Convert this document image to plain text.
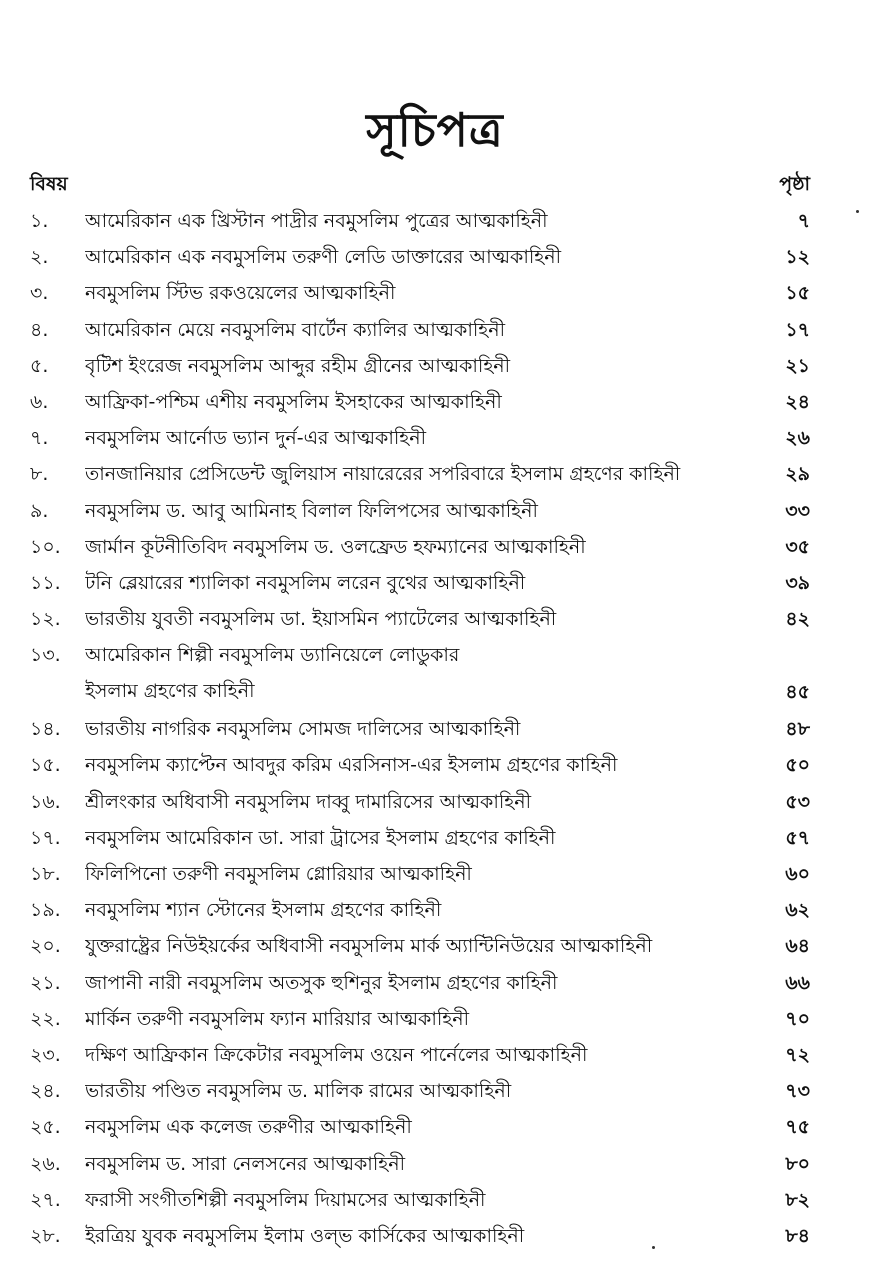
সূচিপত্র
বিষয়	পৃষ্ঠা
১.	আমেরিকান এক খ্রিস্টান পাদ্রীর নবমুসলিম পুত্রের আত্মকাহিনী	৭
২.	আমেরিকান এক নবমুসলিম তরুণী লেডি ডাক্তারের আত্মকাহিনী	১২
৩.	নবমুসলিম স্টিভ রকওয়েলের আত্মকাহিনী	১৫
৪.	আমেরিকান মেয়ে নবমুসলিম বার্টেন ক্যালির আত্মকাহিনী	১৭
৫.	বৃটিশ ইংরেজ নবমুসলিম আব্দুর রহীম গ্রীনের আত্মকাহিনী	২১
৬.	আফ্রিকা-পশ্চিম এশীয় নবমুসলিম ইসহাকের আত্মকাহিনী	২৪
৭.	নবমুসলিম আর্নোড ভ্যান দুর্ন-এর আত্মকাহিনী	২৬
৮.	তানজানিয়ার প্রেসিডেন্ট জুলিয়াস নায়ারেরের সপরিবারে ইসলাম গ্রহণের কাহিনী	২৯
৯.	নবমুসলিম ড. আবু আমিনাহ বিলাল ফিলিপসের আত্মকাহিনী	৩৩
১০.	জার্মান কূটনীতিবিদ নবমুসলিম ড. ওলফ্রেড হফম্যানের আত্মকাহিনী	৩৫
১১.	টনি ব্লেয়ারের শ্যালিকা নবমুসলিম লরেন বুথের আত্মকাহিনী	৩৯
১২.	ভারতীয় যুবতী নবমুসলিম ডা. ইয়াসমিন প্যাটেলের আত্মকাহিনী	৪২
১৩.	আমেরিকান শিল্পী নবমুসলিম ড্যানিয়েলে লোডুকার
ইসলাম গ্রহণের কাহিনী	৪৫
১৪.	ভারতীয় নাগরিক নবমুসলিম সোমজ দালিসের আত্মকাহিনী	৪৮
১৫.	নবমুসলিম ক্যাপ্টেন আবদুর করিম এরসিনাস-এর ইসলাম গ্রহণের কাহিনী	৫০
১৬.	শ্রীলংকার অধিবাসী নবমুসলিম দাব্বু দামারিসের আত্মকাহিনী	৫৩
১৭.	নবমুসলিম আমেরিকান ডা. সারা ট্রাসের ইসলাম গ্রহণের কাহিনী	৫৭
১৮.	ফিলিপিনো তরুণী নবমুসলিম গ্লোরিয়ার আত্মকাহিনী	৬০
১৯.	নবমুসলিম শ্যান স্টোনের ইসলাম গ্রহণের কাহিনী	৬২
২০.	যুক্তরাষ্ট্রের নিউইয়র্কের অধিবাসী নবমুসলিম মার্ক অ্যান্টিনিউয়ের আত্মকাহিনী	৬৪
২১.	জাপানী নারী নবমুসলিম অতসুক হুশিনুর ইসলাম গ্রহণের কাহিনী	৬৬
২২.	মার্কিন তরুণী নবমুসলিম ফ্যান মারিয়ার আত্মকাহিনী	৭০
২৩.	দক্ষিণ আফ্রিকান ক্রিকেটার নবমুসলিম ওয়েন পার্নেলের আত্মকাহিনী	৭২
২৪.	ভারতীয় পণ্ডিত নবমুসলিম ড. মালিক রামের আত্মকাহিনী	৭৩
২৫.	নবমুসলিম এক কলেজ তরুণীর আত্মকাহিনী	৭৫
২৬.	নবমুসলিম ড. সারা নেলসনের আত্মকাহিনী	৮০
২৭.	ফরাসী সংগীতশিল্পী নবমুসলিম দিয়ামসের আত্মকাহিনী	৮২
২৮.	ইরত্রিয় যুবক নবমুসলিম ইলাম ওল্ভ কার্সিকের আত্মকাহিনী	৮৪
